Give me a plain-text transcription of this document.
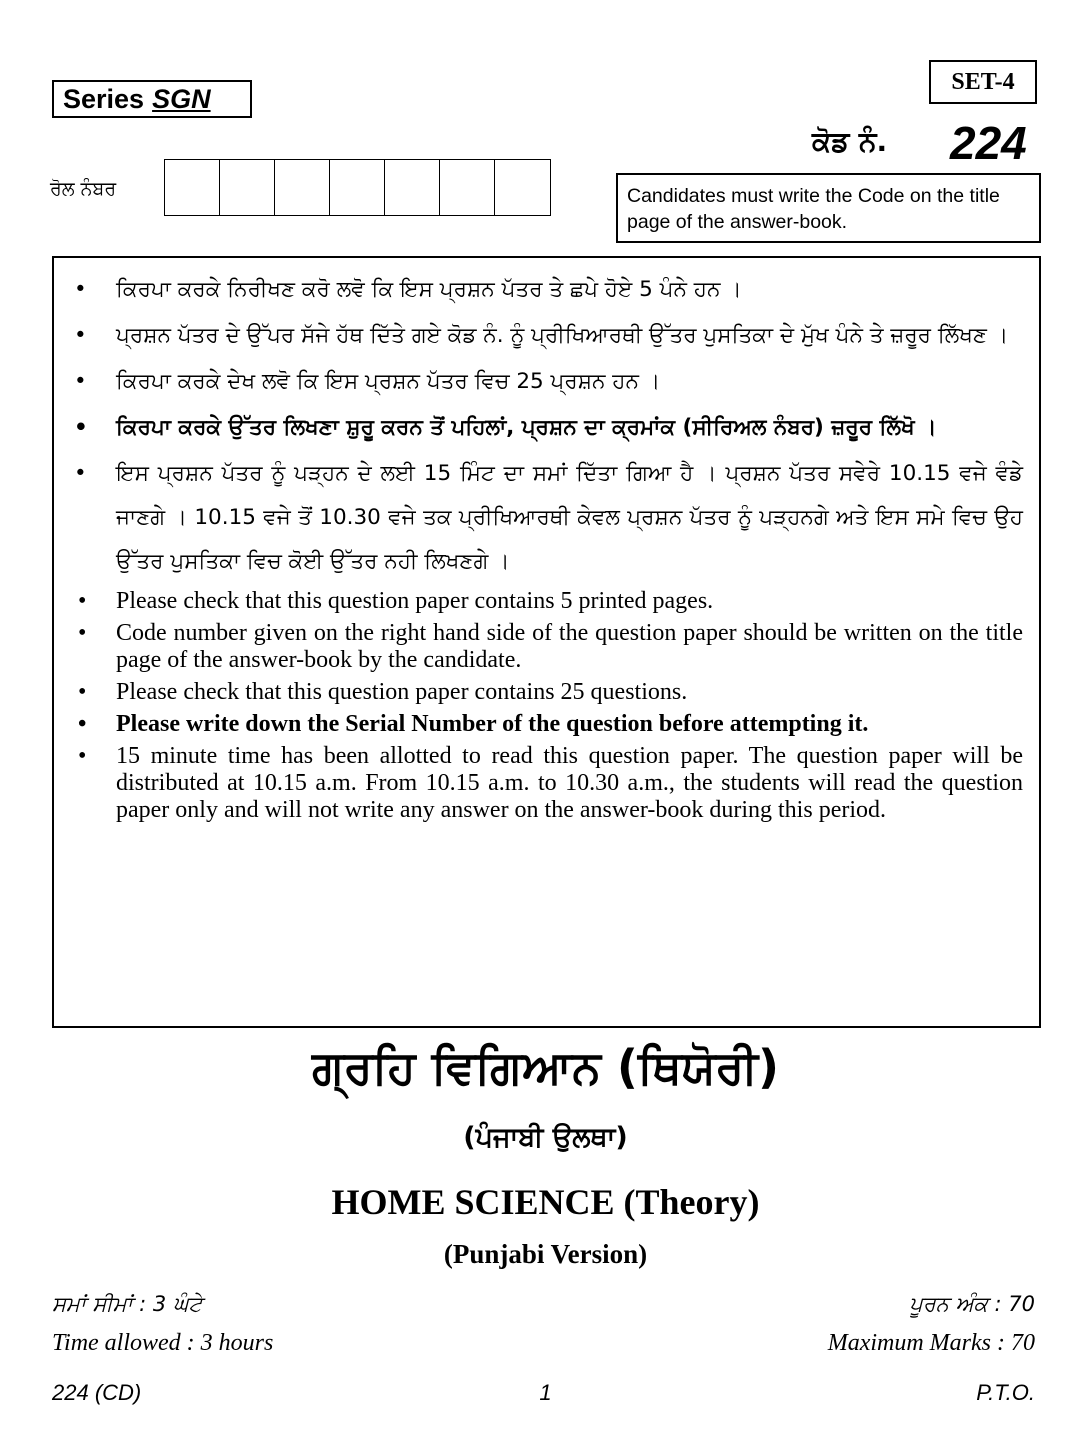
Series SGN
SET-4
ਕੋਡ ਨੰ. 224
ਰੋਲ ਨੰਬਰ	Candidates must write the Code on the title page of the answer-book.
• ਕਿਰਪਾ ਕਰਕੇ ਨਿਰੀਖਣ ਕਰੋ ਲਵੋ ਕਿ ਇਸ ਪ੍ਰਸ਼ਨ ਪੱਤਰ ਤੇ ਛਪੇ ਹੋਏ 5 ਪੰਨੇ ਹਨ ।
• ਪ੍ਰਸ਼ਨ ਪੱਤਰ ਦੇ ਉੱਪਰ ਸੱਜੇ ਹੱਥ ਦਿੱਤੇ ਗਏ ਕੋਡ ਨੰ. ਨੂੰ ਪ੍ਰੀਖਿਆਰਥੀ ਉੱਤਰ ਪੁਸਤਿਕਾ ਦੇ ਮੁੱਖ ਪੰਨੇ ਤੇ ਜ਼ਰੂਰ ਲਿੱਖਣ ।
• ਕਿਰਪਾ ਕਰਕੇ ਦੇਖ ਲਵੋ ਕਿ ਇਸ ਪ੍ਰਸ਼ਨ ਪੱਤਰ ਵਿਚ 25 ਪ੍ਰਸ਼ਨ ਹਨ ।
• ਕਿਰਪਾ ਕਰਕੇ ਉੱਤਰ ਲਿਖਣਾ ਸ਼ੁਰੂ ਕਰਨ ਤੋਂ ਪਹਿਲਾਂ, ਪ੍ਰਸ਼ਨ ਦਾ ਕ੍ਰਮਾਂਕ (ਸੀਰਿਅਲ ਨੰਬਰ) ਜ਼ਰੂਰ ਲਿੱਖੋ ।
• ਇਸ ਪ੍ਰਸ਼ਨ ਪੱਤਰ ਨੂੰ ਪੜ੍ਹਨ ਦੇ ਲਈ 15 ਮਿੰਟ ਦਾ ਸਮਾਂ ਦਿੱਤਾ ਗਿਆ ਹੈ । ਪ੍ਰਸ਼ਨ ਪੱਤਰ ਸਵੇਰੇ 10.15 ਵਜੇ ਵੰਡੇ ਜਾਣਗੇ । 10.15 ਵਜੇ ਤੋਂ 10.30 ਵਜੇ ਤਕ ਪ੍ਰੀਖਿਆਰਥੀ ਕੇਵਲ ਪ੍ਰਸ਼ਨ ਪੱਤਰ ਨੂੰ ਪੜ੍ਹਨਗੇ ਅਤੇ ਇਸ ਸਮੇ ਵਿਚ ਉਹ ਉੱਤਰ ਪੁਸਤਿਕਾ ਵਿਚ ਕੋਈ ਉੱਤਰ ਨਹੀ ਲਿਖਣਗੇ ।
• Please check that this question paper contains 5 printed pages.
• Code number given on the right hand side of the question paper should be written on the title page of the answer-book by the candidate.
• Please check that this question paper contains 25 questions.
• Please write down the Serial Number of the question before attempting it.
• 15 minute time has been allotted to read this question paper. The question paper will be distributed at 10.15 a.m. From 10.15 a.m. to 10.30 a.m., the students will read the question paper only and will not write any answer on the answer-book during this period.
ਗ੍ਰਹਿ ਵਿਗਿਆਨ (ਥਿਯੋਰੀ)
(ਪੰਜਾਬੀ ਉਲਥਾ)
HOME SCIENCE (Theory)
(Punjabi Version)
ਸਮਾਂ ਸੀਮਾਂ : 3 ਘੰਟੇ	ਪੂਰਨ ਅੰਕ : 70
Time allowed : 3 hours	Maximum Marks : 70
224 (CD)	1	P.T.O.
